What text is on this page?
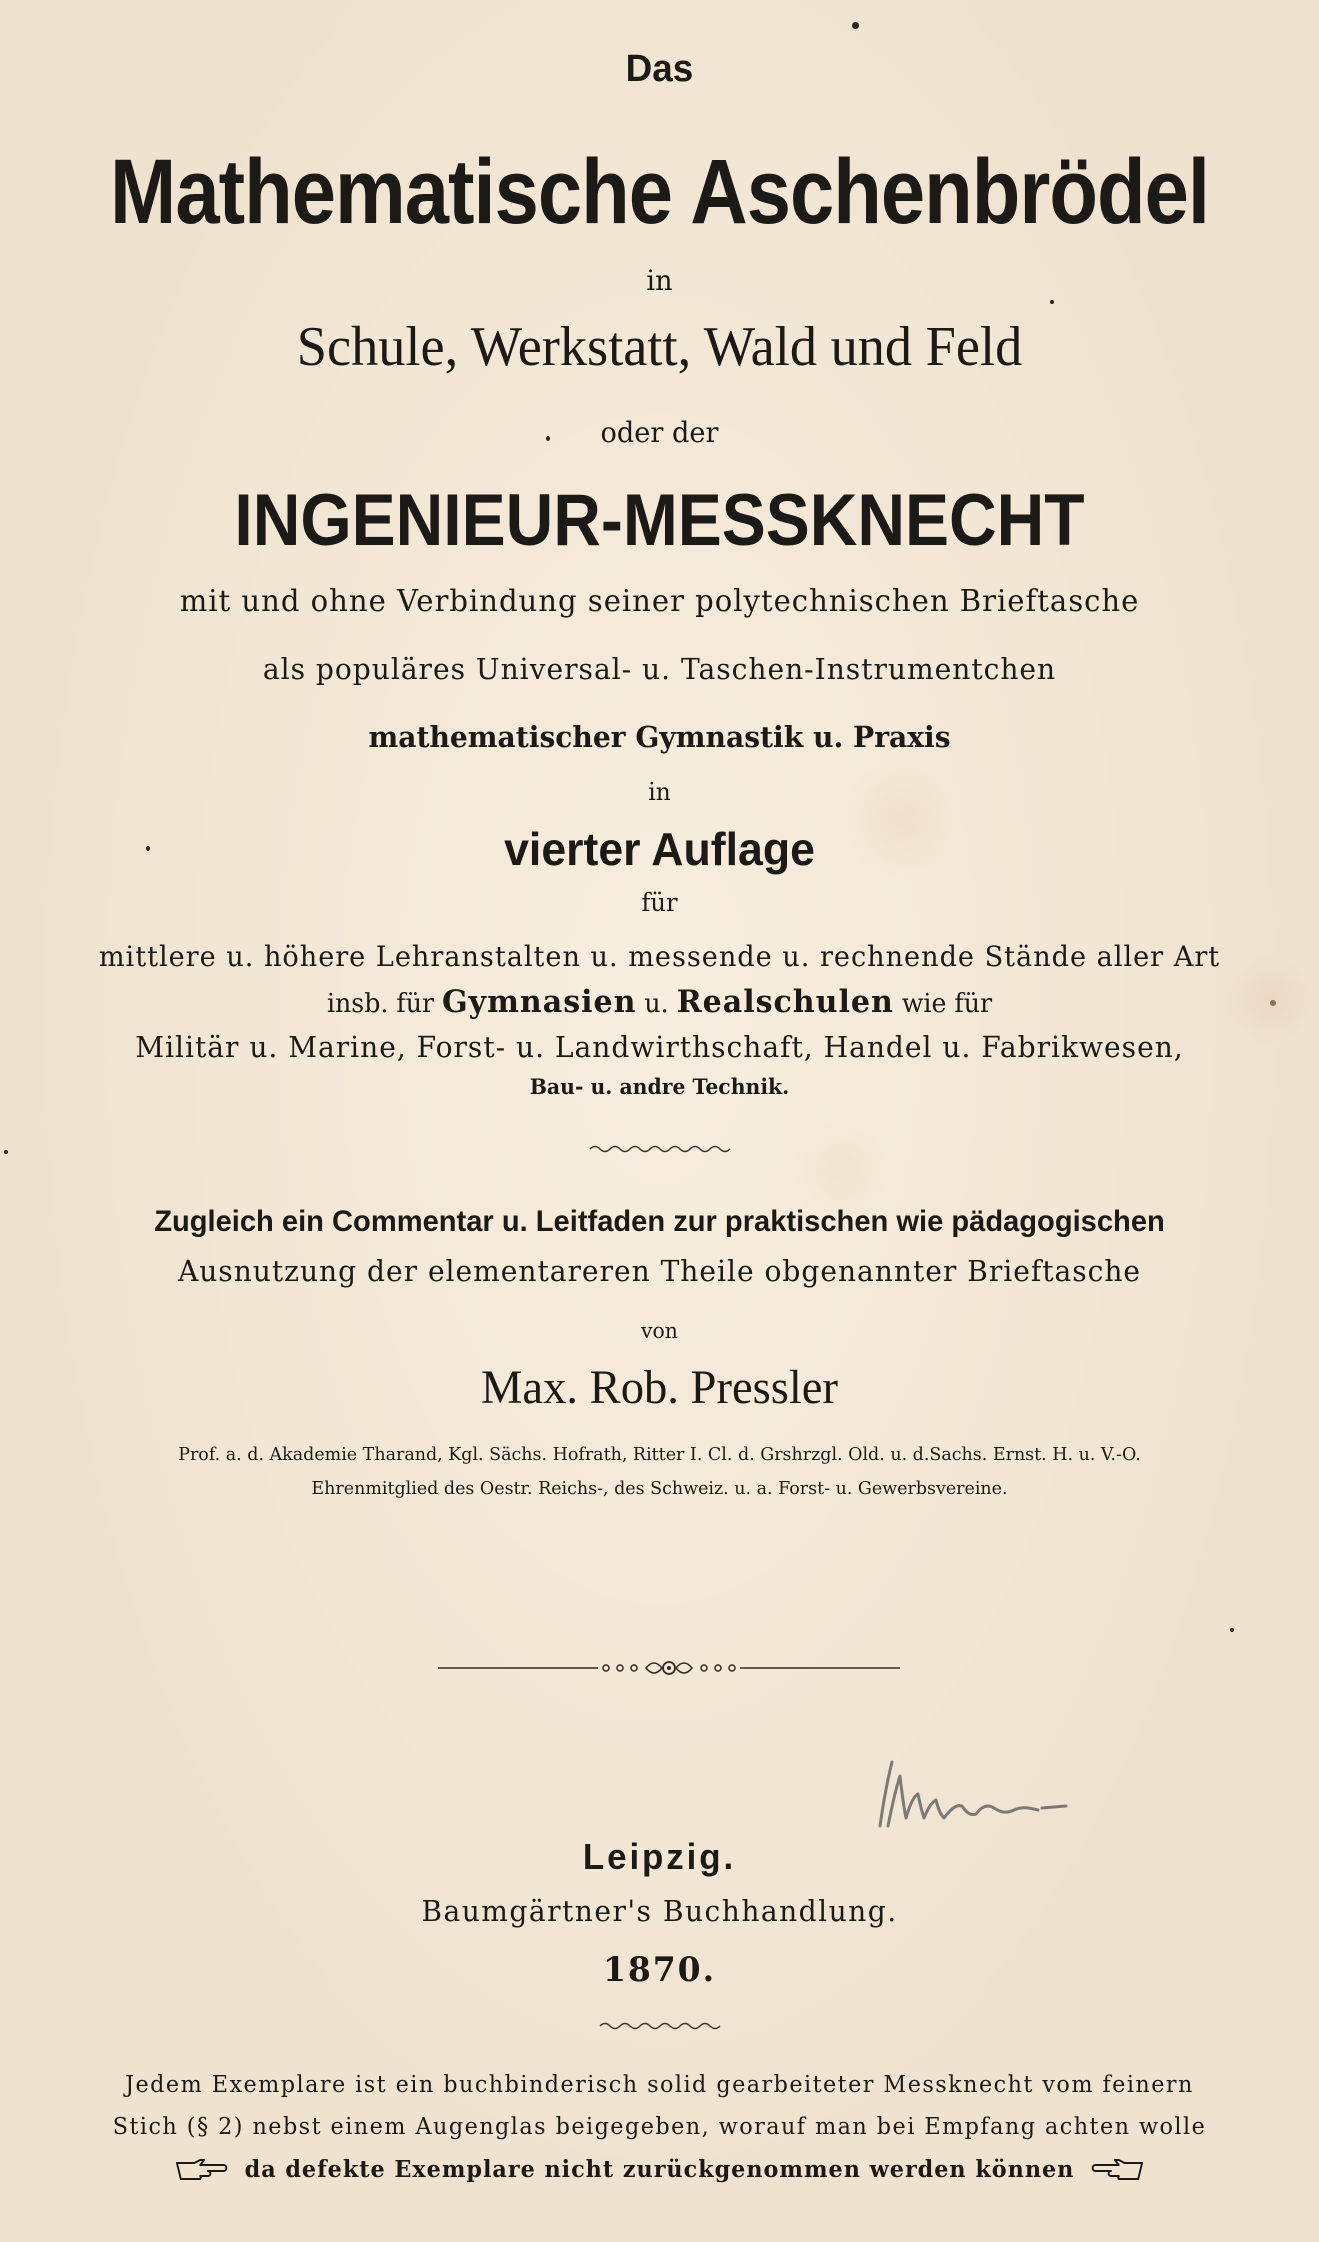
Das
Mathematische Aschenbrödel
in
Schule, Werkstatt, Wald und Feld
oder der
INGENIEUR-MESSKNECHT
mit und ohne Verbindung seiner polytechnischen Brieftasche
als populäres Universal- u. Taschen-Instrumentchen
mathematischer Gymnastik u. Praxis
in
vierter Auflage
für
mittlere u. höhere Lehranstalten u. messende u. rechnende Stände aller Art
insb. für Gymnasien u. Realschulen wie für
Militär u. Marine, Forst- u. Landwirthschaft, Handel u. Fabrikwesen,
Bau- u. andre Technik.
Zugleich ein Commentar u. Leitfaden zur praktischen wie pädagogischen
Ausnutzung der elementareren Theile obgenannter Brieftasche
von
Max. Rob. Pressler
Prof. a. d. Akademie Tharand, Kgl. Sächs. Hofrath, Ritter I. Cl. d. Grshrzgl. Old. u. d.Sachs. Ernst. H. u. V.-O.
Ehrenmitglied des Oestr. Reichs-, des Schweiz. u. a. Forst- u. Gewerbsvereine.
Leipzig.
Baumgärtner's Buchhandlung.
1870.
Jedem Exemplare ist ein buchbinderisch solid gearbeiteter Messknecht vom feinern
Stich (§ 2) nebst einem Augenglas beigegeben, worauf man bei Empfang achten wolle
da defekte Exemplare nicht zurückgenommen werden können
